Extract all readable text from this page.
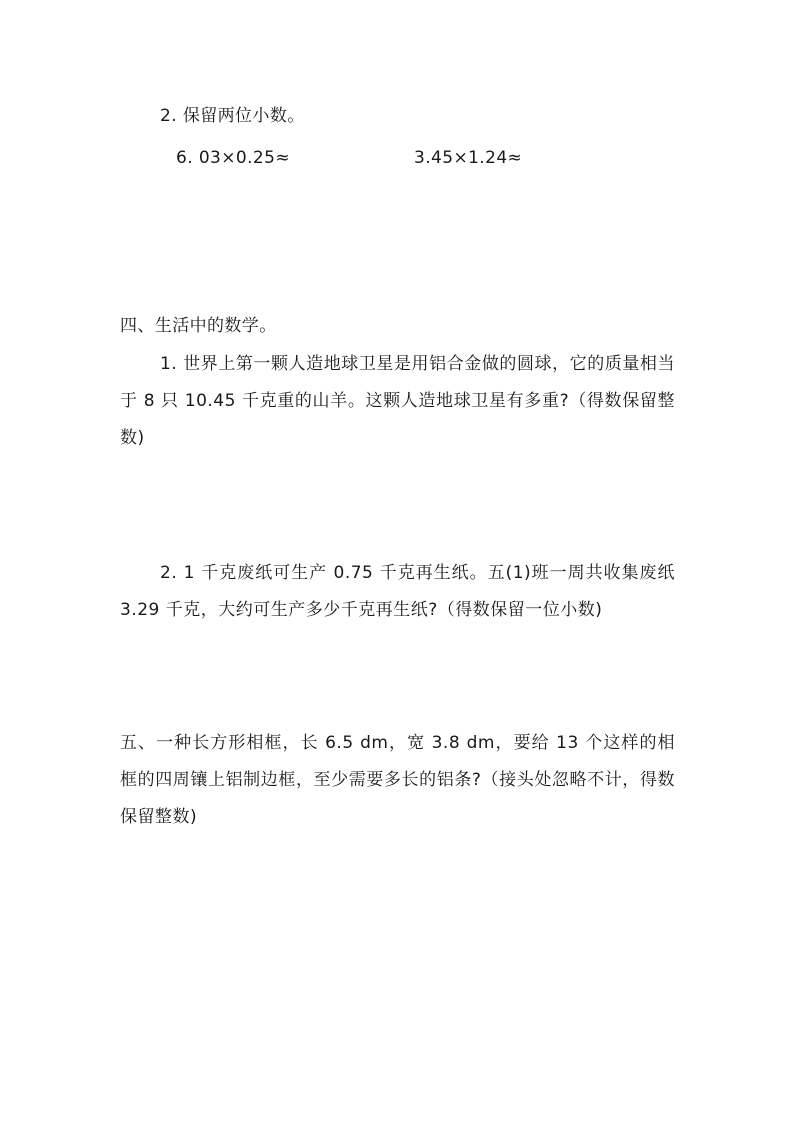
2. 保留两位小数。
6. 03×0.25≈	3.45×1.24≈
四、生活中的数学。
1. 世界上第一颗人造地球卫星是用铝合金做的圆球，它的质量相当于 8 只 10.45 千克重的山羊。这颗人造地球卫星有多重?（得数保留整数)
2. 1 千克废纸可生产 0.75 千克再生纸。五(1)班一周共收集废纸 3.29 千克，大约可生产多少千克再生纸?（得数保留一位小数)
五、一种长方形相框，长 6.5 dm，宽 3.8 dm，要给 13 个这样的相框的四周镶上铝制边框，至少需要多长的铝条?（接头处忽略不计，得数保留整数)
